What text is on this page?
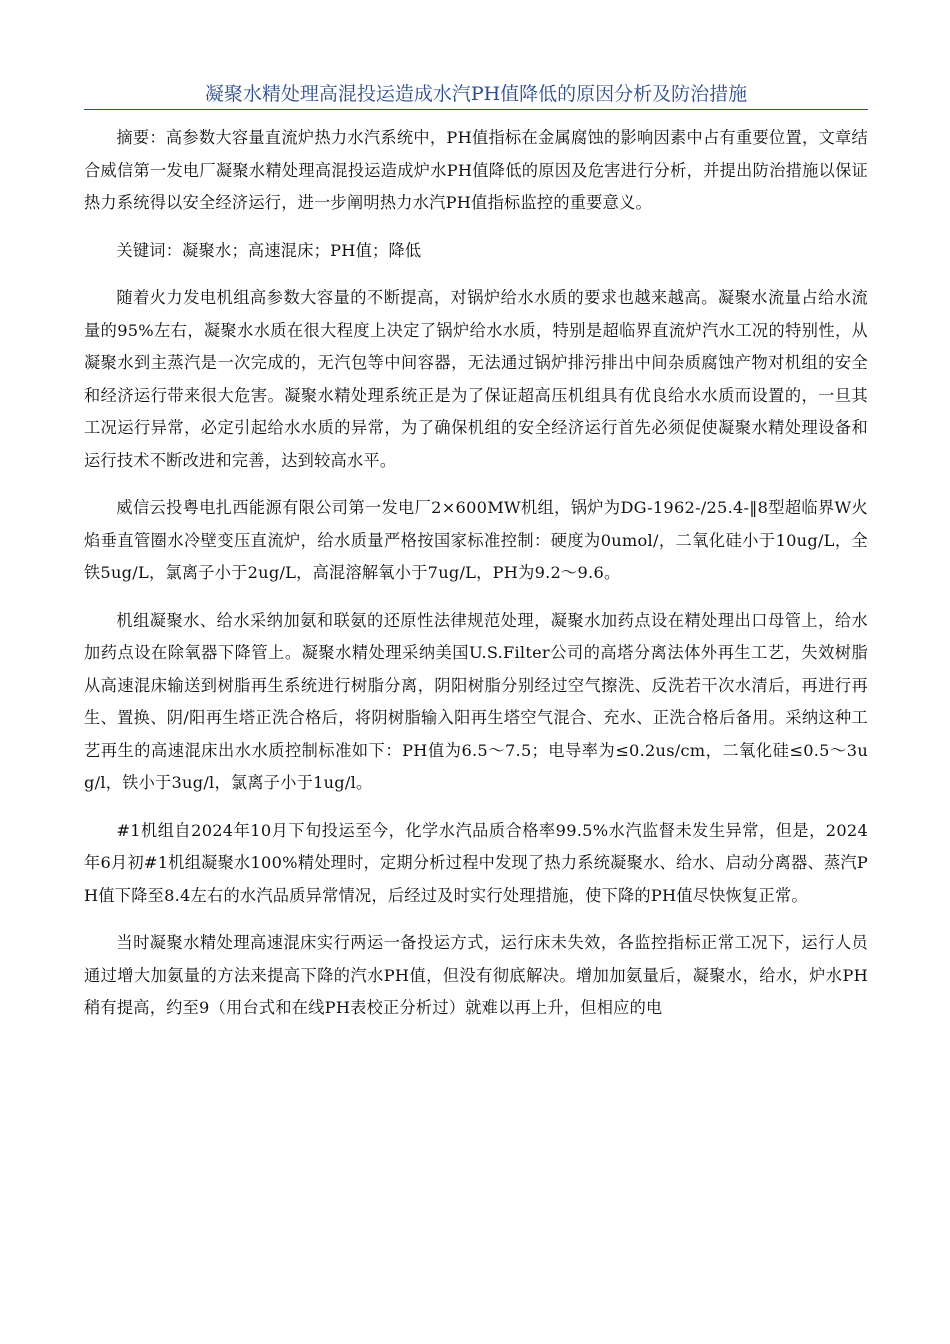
凝聚水精处理高混投运造成水汽PH值降低的原因分析及防治措施

摘要：高参数大容量直流炉热力水汽系统中，PH值指标在金属腐蚀的影响因素中占有重要位置，文章结合威信第一发电厂凝聚水精处理高混投运造成炉水PH值降低的原因及危害进行分析，并提出防治措施以保证热力系统得以安全经济运行，进一步阐明热力水汽PH值指标监控的重要意义。

关键词：凝聚水；高速混床；PH值；降低

随着火力发电机组高参数大容量的不断提高，对锅炉给水水质的要求也越来越高。凝聚水流量占给水流量的95%左右，凝聚水水质在很大程度上决定了锅炉给水水质，特别是超临界直流炉汽水工况的特别性，从凝聚水到主蒸汽是一次完成的，无汽包等中间容器，无法通过锅炉排污排出中间杂质腐蚀产物对机组的安全和经济运行带来很大危害。凝聚水精处理系统正是为了保证超高压机组具有优良给水水质而设置的，一旦其工况运行异常，必定引起给水水质的异常，为了确保机组的安全经济运行首先必须促使凝聚水精处理设备和运行技术不断改进和完善，达到较高水平。

威信云投粤电扎西能源有限公司第一发电厂2×600MW机组，锅炉为DG-1962-/25.4-‖8型超临界W火焰垂直管圈水冷壁变压直流炉，给水质量严格按国家标准控制：硬度为0umol/，二氧化硅小于10ug/L，全铁5ug/L，氯离子小于2ug/L，高混溶解氧小于7ug/L，PH为9.2～9.6。

机组凝聚水、给水采纳加氨和联氨的还原性法律规范处理，凝聚水加药点设在精处理出口母管上，给水加药点设在除氧器下降管上。凝聚水精处理采纳美国U.S.Filter公司的高塔分离法体外再生工艺，失效树脂从高速混床输送到树脂再生系统进行树脂分离，阴阳树脂分别经过空气擦洗、反洗若干次水清后，再进行再生、置换、阴/阳再生塔正洗合格后，将阴树脂输入阳再生塔空气混合、充水、正洗合格后备用。采纳这种工艺再生的高速混床出水水质控制标准如下：PH值为6.5～7.5；电导率为≤0.2us/cm，二氧化硅≤0.5～3ug/l，铁小于3ug/l，氯离子小于1ug/l。

#1机组自2024年10月下旬投运至今，化学水汽品质合格率99.5%水汽监督未发生异常，但是，2024年6月初#1机组凝聚水100%精处理时，定期分析过程中发现了热力系统凝聚水、给水、启动分离器、蒸汽PH值下降至8.4左右的水汽品质异常情况，后经过及时实行处理措施，使下降的PH值尽快恢复正常。

当时凝聚水精处理高速混床实行两运一备投运方式，运行床未失效，各监控指标正常工况下，运行人员通过增大加氨量的方法来提高下降的汽水PH值，但没有彻底解决。增加加氨量后，凝聚水，给水，炉水PH稍有提高，约至9（用台式和在线PH表校正分析过）就难以再上升，但相应的电
